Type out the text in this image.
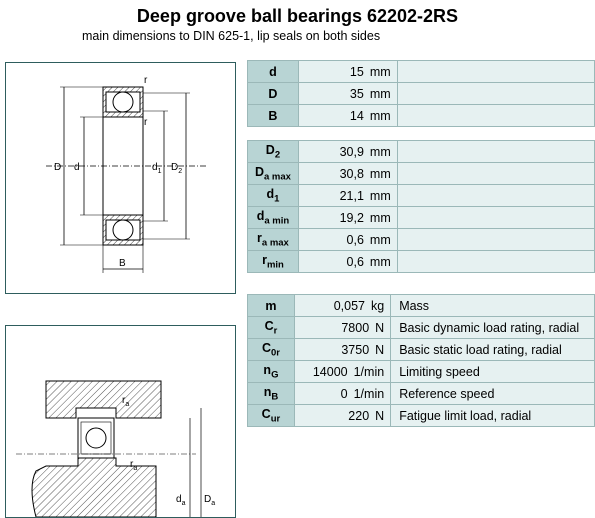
Deep groove ball bearings 62202-2RS
main dimensions to DIN 625-1, lip seals on both sides
D d	$d_1$ $D_2$
B
r
r
$r_a$
$r_a$
$d_a$ $D_a$
d	15 mm	
D	35 mm	
B	14 mm	
$D_2$	30,9 mm	
$D_{a max}$	30,8 mm	
$d_1$	21,1 mm	
$d_{a min}$	19,2 mm	
$r_{a max}$	0,6 mm	
$r_{min}$	0,6 mm	
m	0,057 kg	Mass
$C_r$	7800 N	Basic dynamic load rating, radial
$C_{0r}$	3750 N	Basic static load rating, radial
$n_G$	14000 1/min	Limiting speed
$n_B$	0 1/min	Reference speed
$C_{ur}$	220 N	Fatigue limit load, radial
